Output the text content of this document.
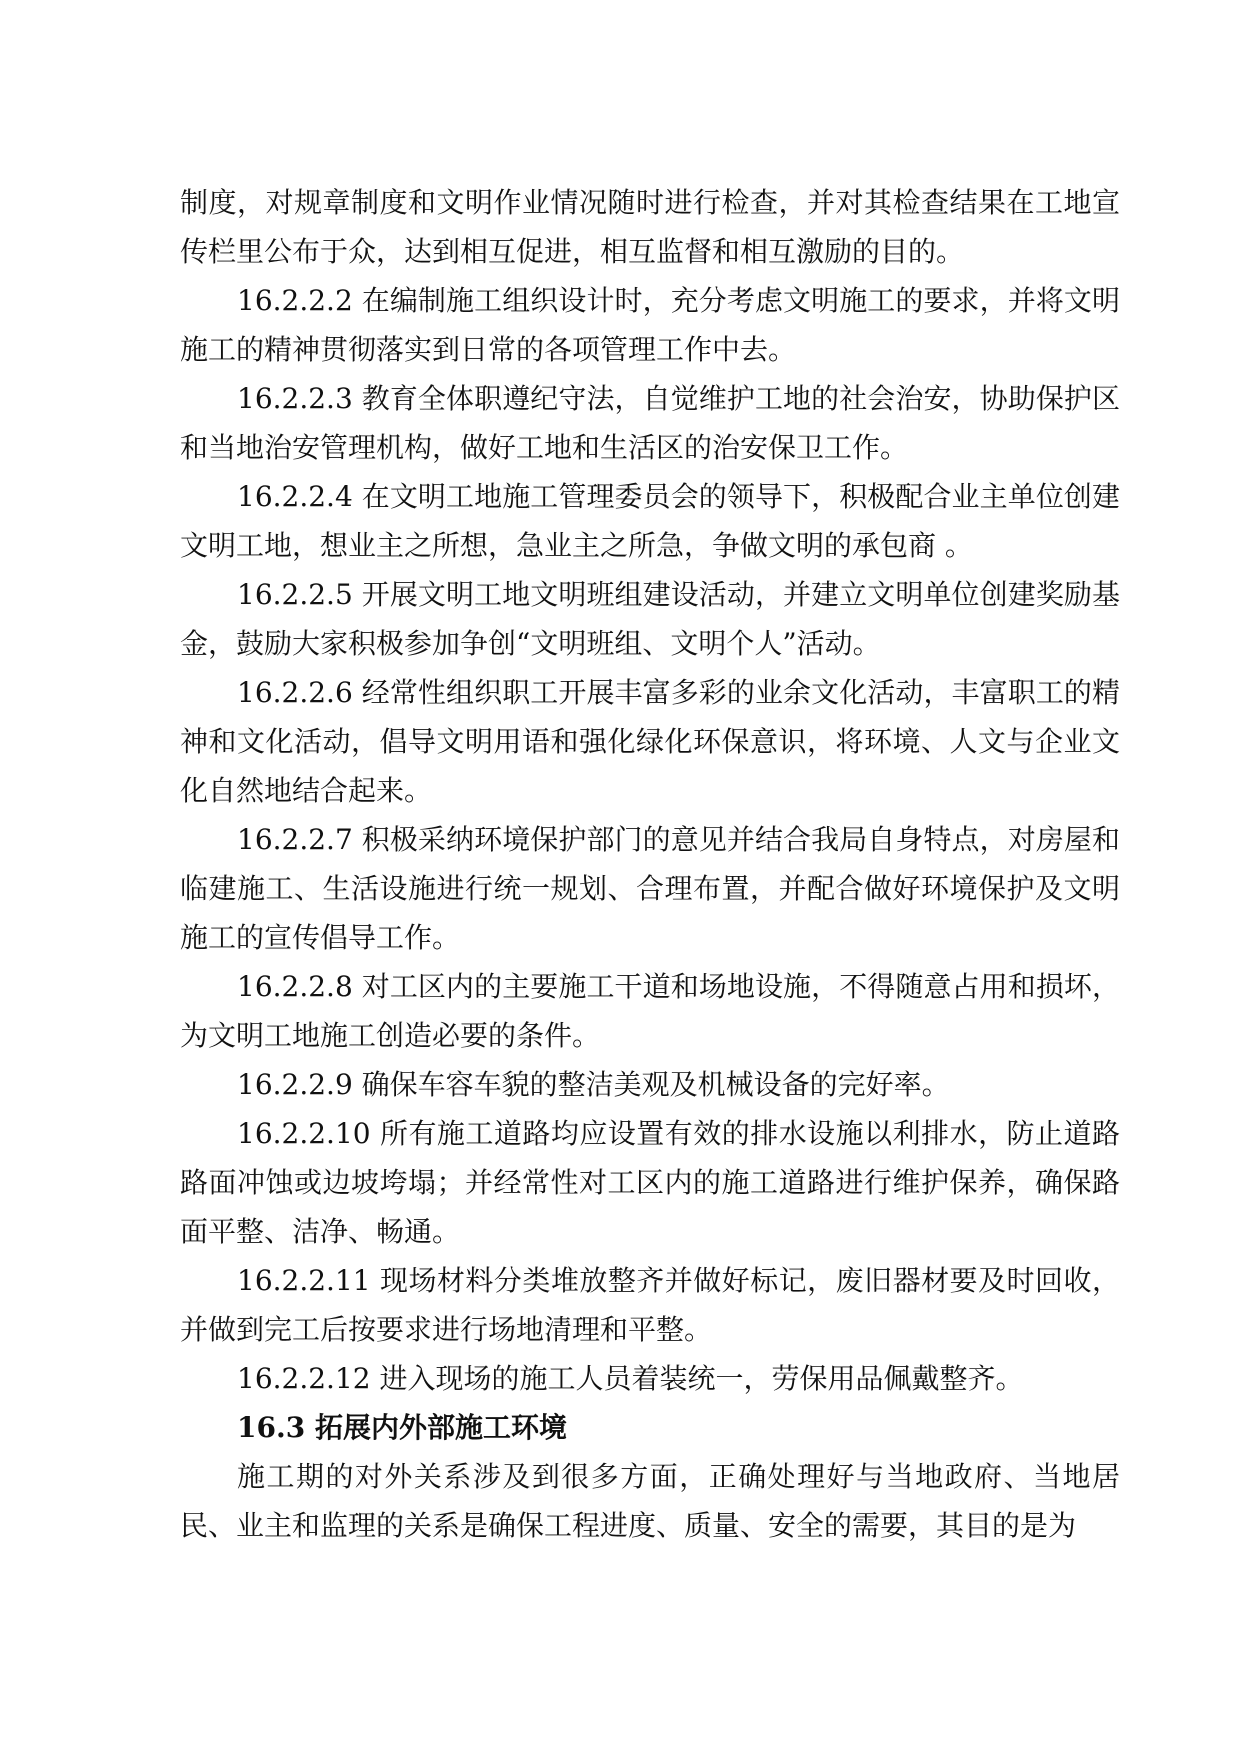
制度，对规章制度和文明作业情况随时进行检查，并对其检查结果在工地宣传栏里公布于众，达到相互促进，相互监督和相互激励的目的。

16.2.2.2 在编制施工组织设计时，充分考虑文明施工的要求，并将文明施工的精神贯彻落实到日常的各项管理工作中去。

16.2.2.3 教育全体职遵纪守法，自觉维护工地的社会治安，协助保护区和当地治安管理机构，做好工地和生活区的治安保卫工作。

16.2.2.4 在文明工地施工管理委员会的领导下，积极配合业主单位创建文明工地，想业主之所想，急业主之所急，争做文明的承包商 。

16.2.2.5 开展文明工地文明班组建设活动，并建立文明单位创建奖励基金，鼓励大家积极参加争创“文明班组、文明个人”活动。

16.2.2.6 经常性组织职工开展丰富多彩的业余文化活动，丰富职工的精神和文化活动，倡导文明用语和强化绿化环保意识，将环境、人文与企业文化自然地结合起来。

16.2.2.7 积极采纳环境保护部门的意见并结合我局自身特点，对房屋和临建施工、生活设施进行统一规划、合理布置，并配合做好环境保护及文明施工的宣传倡导工作。

16.2.2.8 对工区内的主要施工干道和场地设施，不得随意占用和损坏，为文明工地施工创造必要的条件。

16.2.2.9 确保车容车貌的整洁美观及机械设备的完好率。

16.2.2.10 所有施工道路均应设置有效的排水设施以利排水，防止道路路面冲蚀或边坡垮塌；并经常性对工区内的施工道路进行维护保养，确保路面平整、洁净、畅通。

16.2.2.11 现场材料分类堆放整齐并做好标记，废旧器材要及时回收，并做到完工后按要求进行场地清理和平整。

16.2.2.12 进入现场的施工人员着装统一，劳保用品佩戴整齐。

16.3 拓展内外部施工环境

施工期的对外关系涉及到很多方面，正确处理好与当地政府、当地居民、业主和监理的关系是确保工程进度、质量、安全的需要，其目的是为
